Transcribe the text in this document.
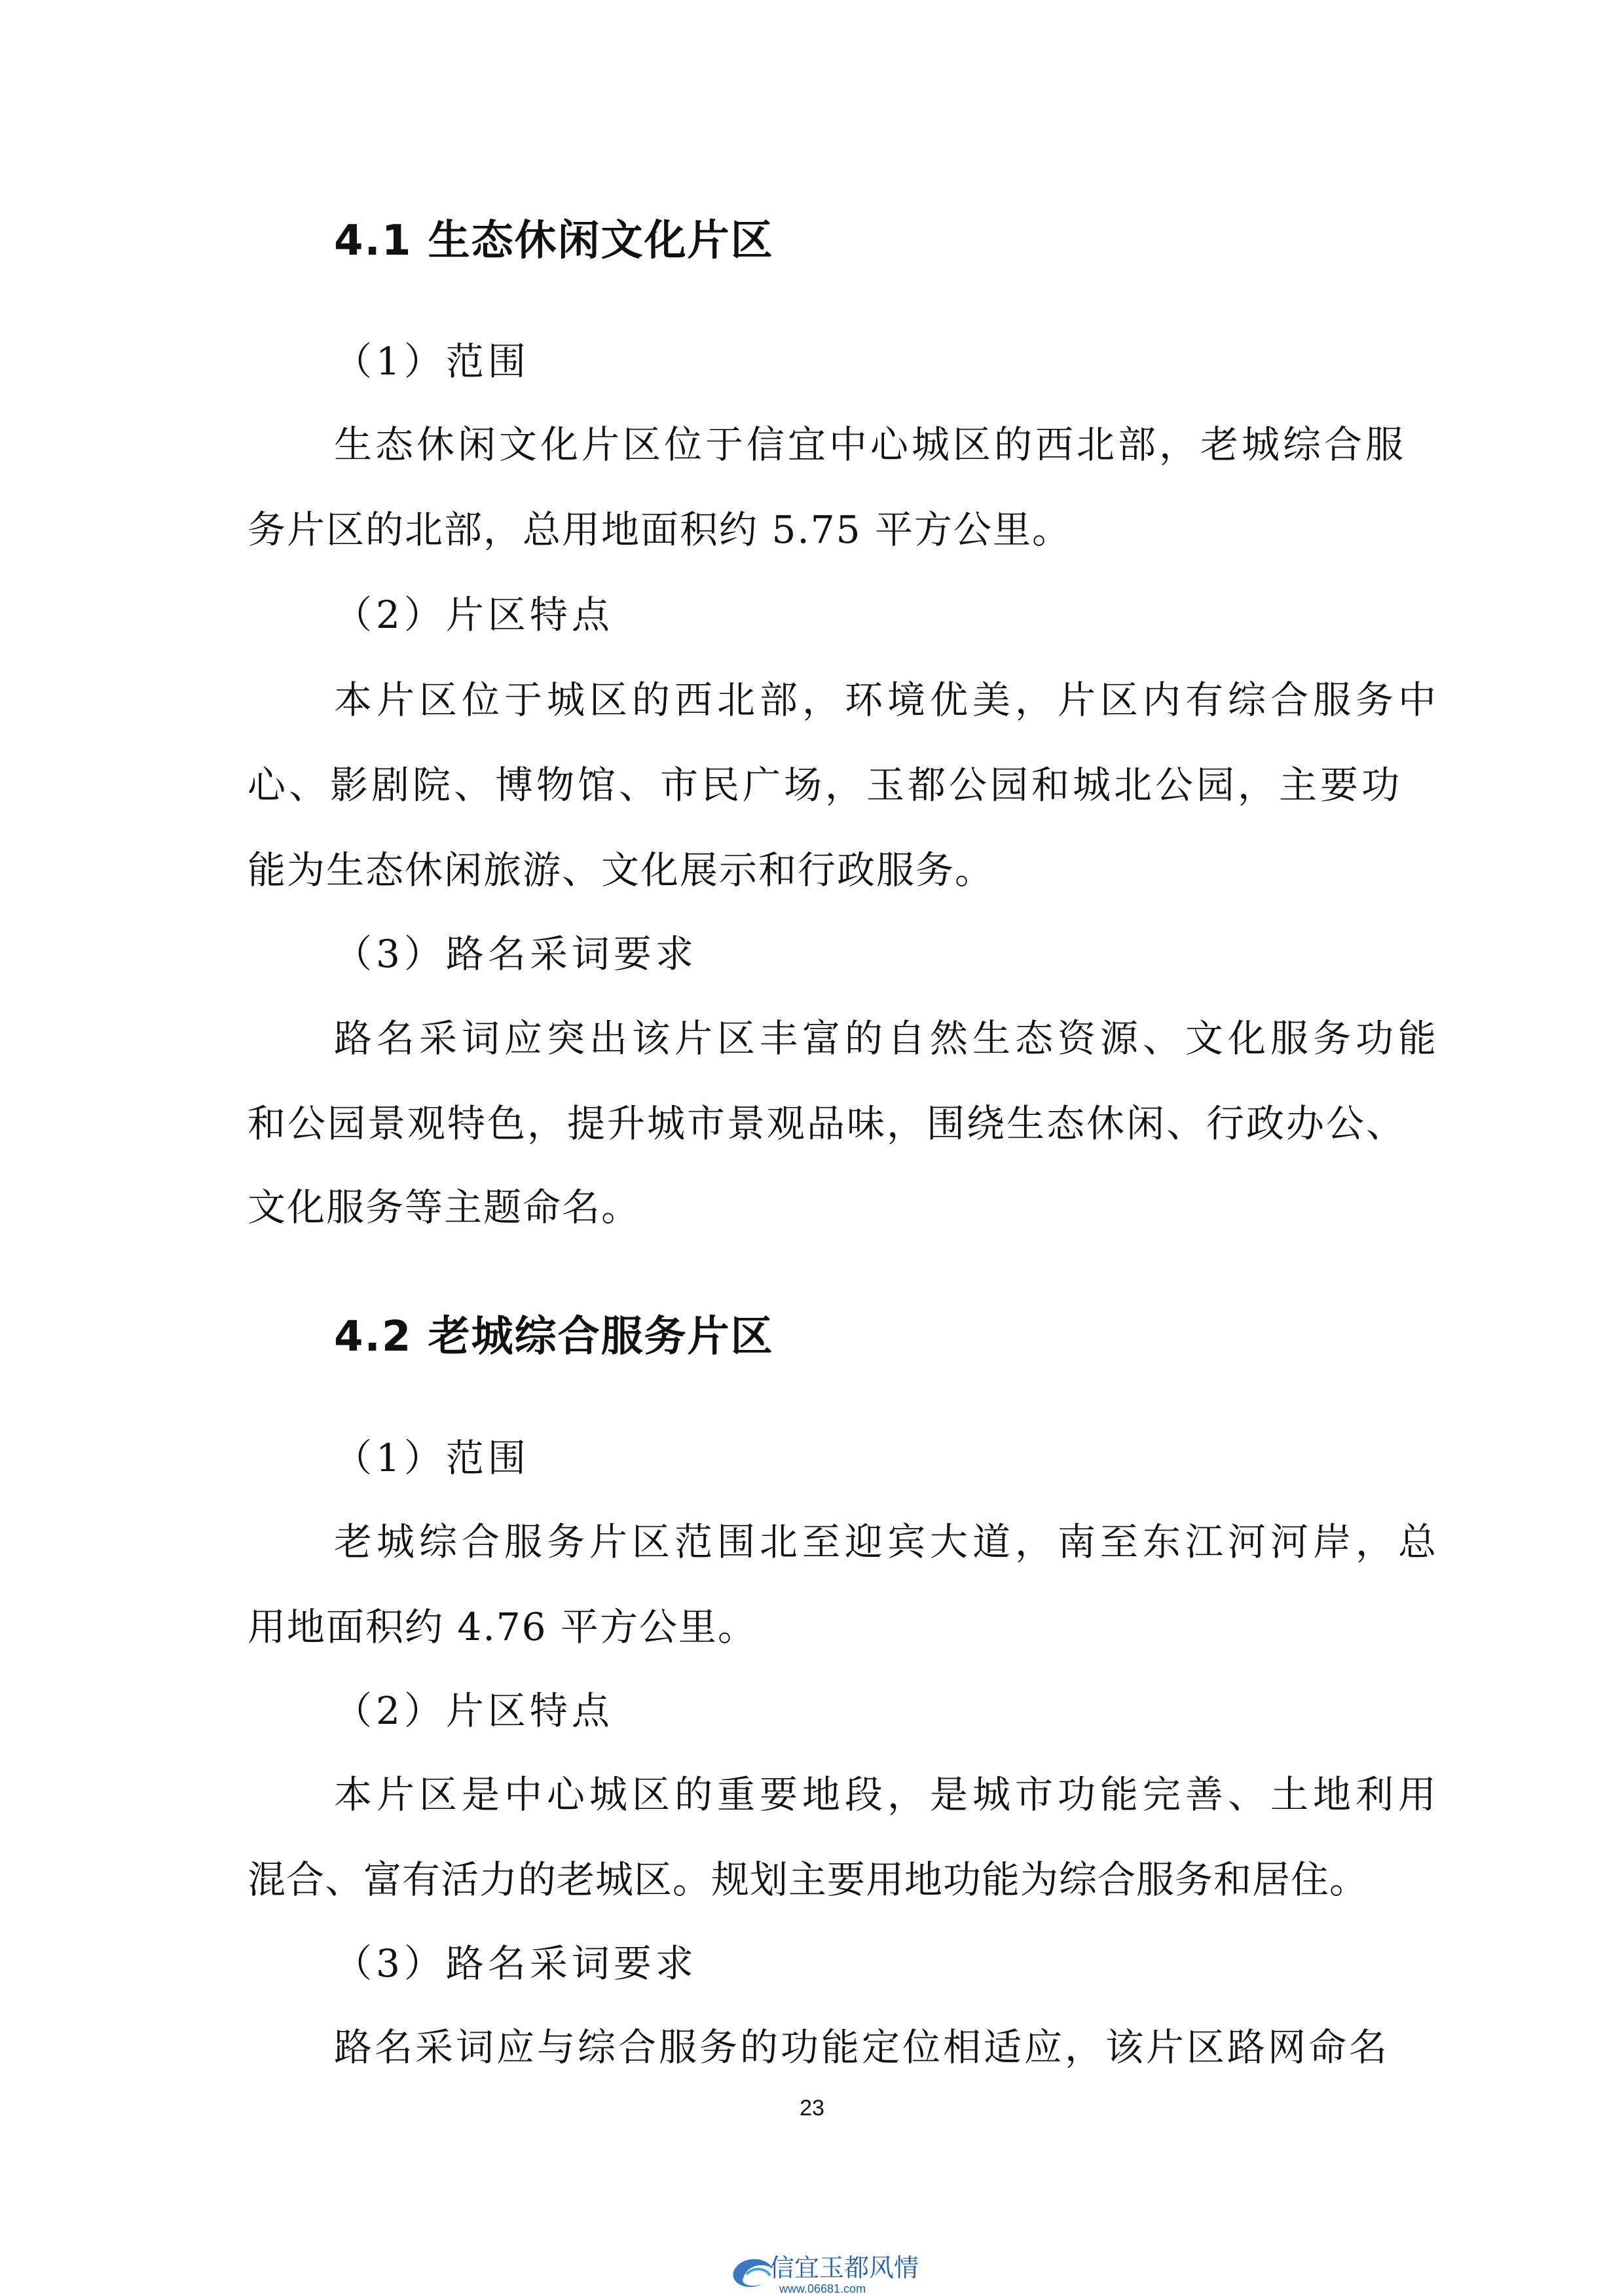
4.1 生态休闲文化片区
（1）范围
生态休闲文化片区位于信宜中心城区的西北部，老城综合服
务片区的北部，总用地面积约 5.75 平方公里。
（2）片区特点
本片区位于城区的西北部，环境优美，片区内有综合服务中
心、影剧院、博物馆、市民广场，玉都公园和城北公园，主要功
能为生态休闲旅游、文化展示和行政服务。
（3）路名采词要求
路名采词应突出该片区丰富的自然生态资源、文化服务功能
和公园景观特色，提升城市景观品味，围绕生态休闲、行政办公、
文化服务等主题命名。
4.2 老城综合服务片区
（1）范围
老城综合服务片区范围北至迎宾大道，南至东江河河岸，总
用地面积约 4.76 平方公里。
（2）片区特点
本片区是中心城区的重要地段，是城市功能完善、土地利用
混合、富有活力的老城区。规划主要用地功能为综合服务和居住。
（3）路名采词要求
路名采词应与综合服务的功能定位相适应，该片区路网命名
23
信宜玉都风情
www.06681.com
